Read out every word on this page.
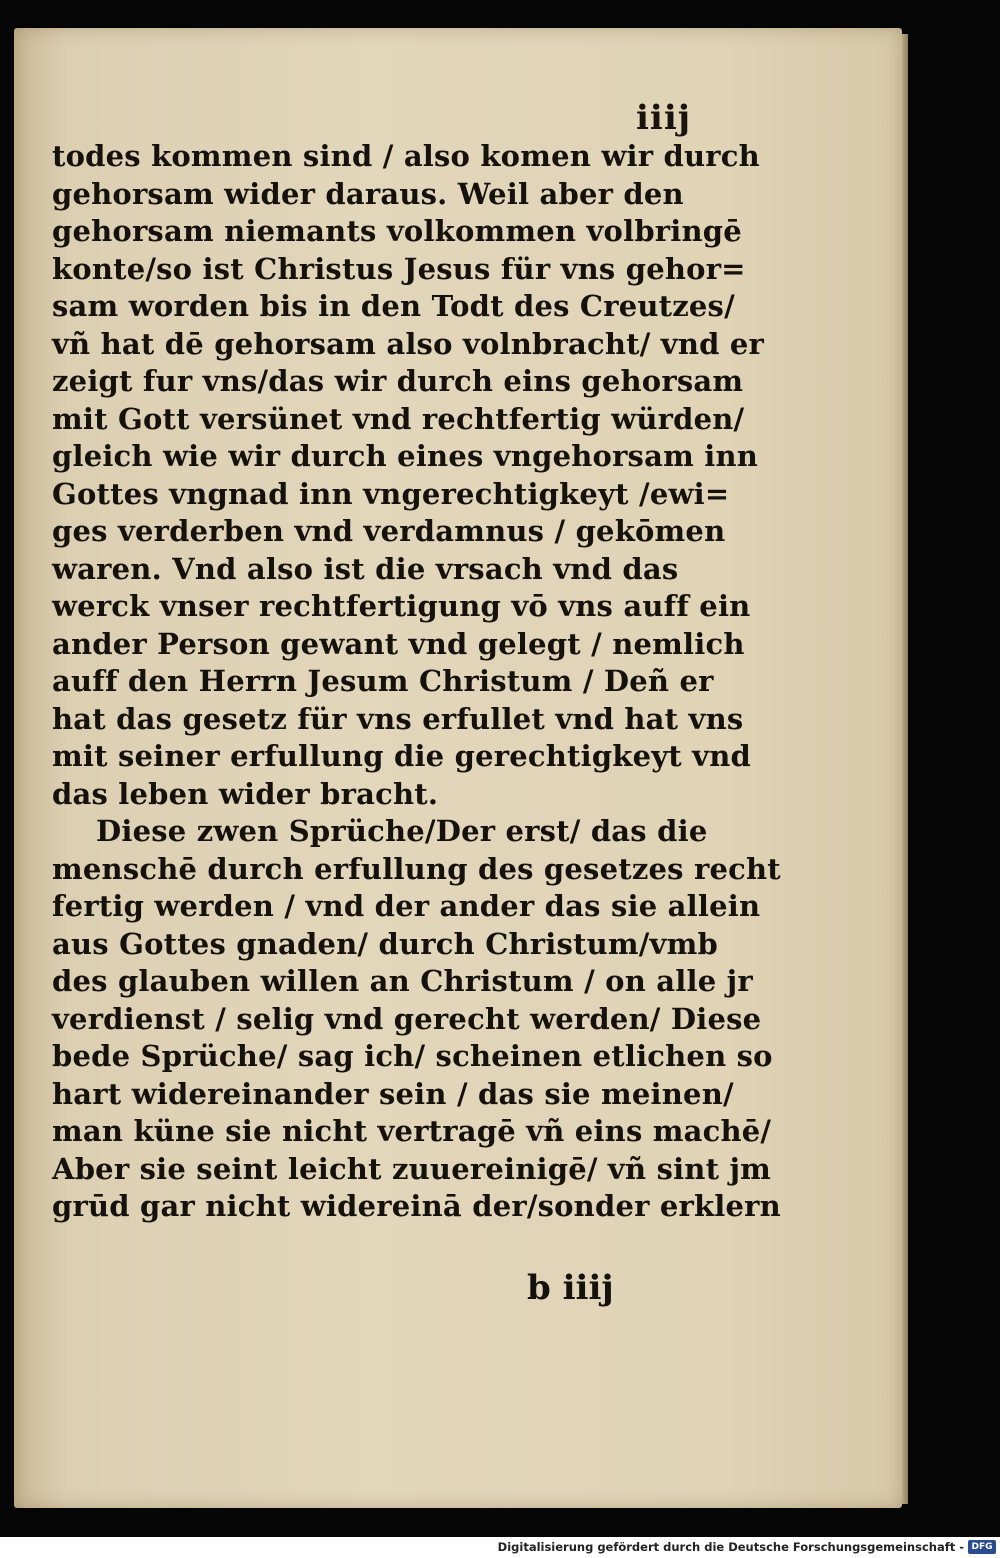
iiij
todes kommen sind / also komen wir durch
gehorsam wider daraus. Weil aber den
gehorsam niemants volkommen volbringē
konte/so ist Christus Jesus für vns gehor=
sam worden bis in den Todt des Creutzes/
vñ hat dē gehorsam also volnbracht/ vnd er
zeigt fur vns/das wir durch eins gehorsam
mit Gott versünet vnd rechtfertig würden/
gleich wie wir durch eines vngehorsam inn
Gottes vngnad inn vngerechtigkeyt /ewi=
ges verderben vnd verdamnus / gekōmen
waren. Vnd also ist die vrsach vnd das
werck vnser rechtfertigung vō vns auff ein
ander Person gewant vnd gelegt / nemlich
auff den Herrn Jesum Christum / Deñ er
hat das gesetz für vns erfullet vnd hat vns
mit seiner erfullung die gerechtigkeyt vnd
das leben wider bracht.
Diese zwen Sprüche/Der erst/ das die
menschē durch erfullung des gesetzes recht
fertig werden / vnd der ander das sie allein
aus Gottes gnaden/ durch Christum/vmb
des glauben willen an Christum / on alle jr
verdienst / selig vnd gerecht werden/ Diese
bede Sprüche/ sag ich/ scheinen etlichen so
hart widereinander sein / das sie meinen/
man küne sie nicht vertragē vñ eins machē/
Aber sie seint leicht zuuereinigē/ vñ sint jm
grūd gar nicht widereinā der/sonder erklern
b iiij
Digitalisierung gefördert durch die Deutsche Forschungsgemeinschaft - DFG
